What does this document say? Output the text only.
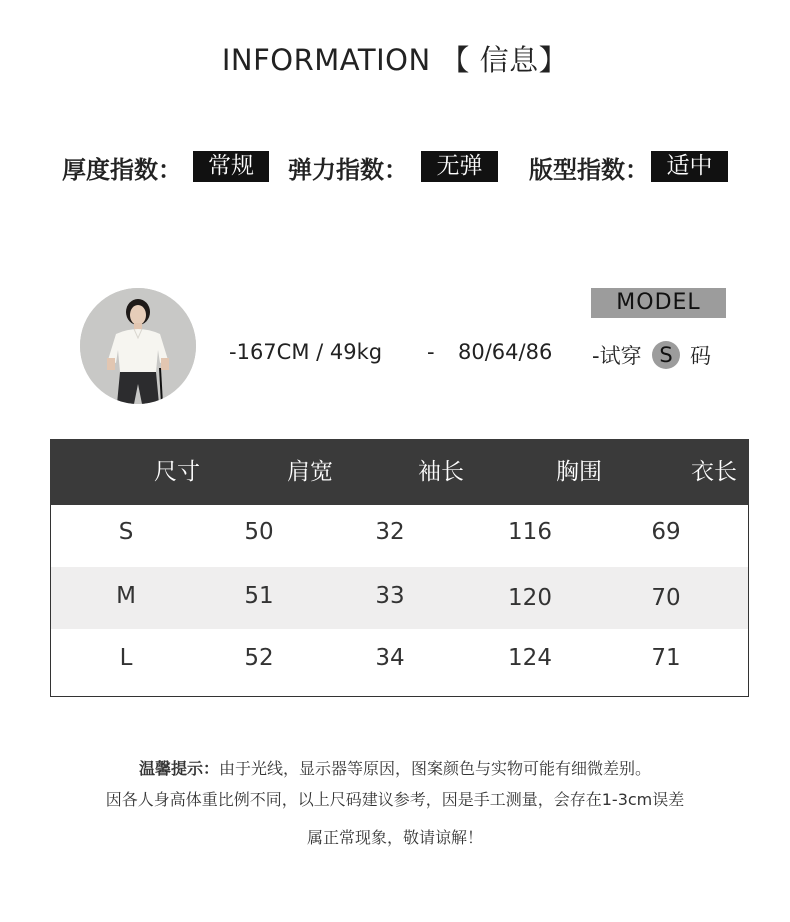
INFORMATION 【 信息】
厚度指数：	常规	弹力指数：	无弹	版型指数： 适中
MODEL
-167CM / 49kg - 80/64/86 -试穿 S 码
尺寸	肩宽	袖长	胸围	衣长
S	50	32	116	69
M	51	33	120	70
L	52	34	124	71
温馨提示：由于光线，显示器等原因，图案颜色与实物可能有细微差别。
因各人身高体重比例不同，以上尺码建议参考，因是手工测量，会存在1-3cm误差
属正常现象，敬请谅解！
